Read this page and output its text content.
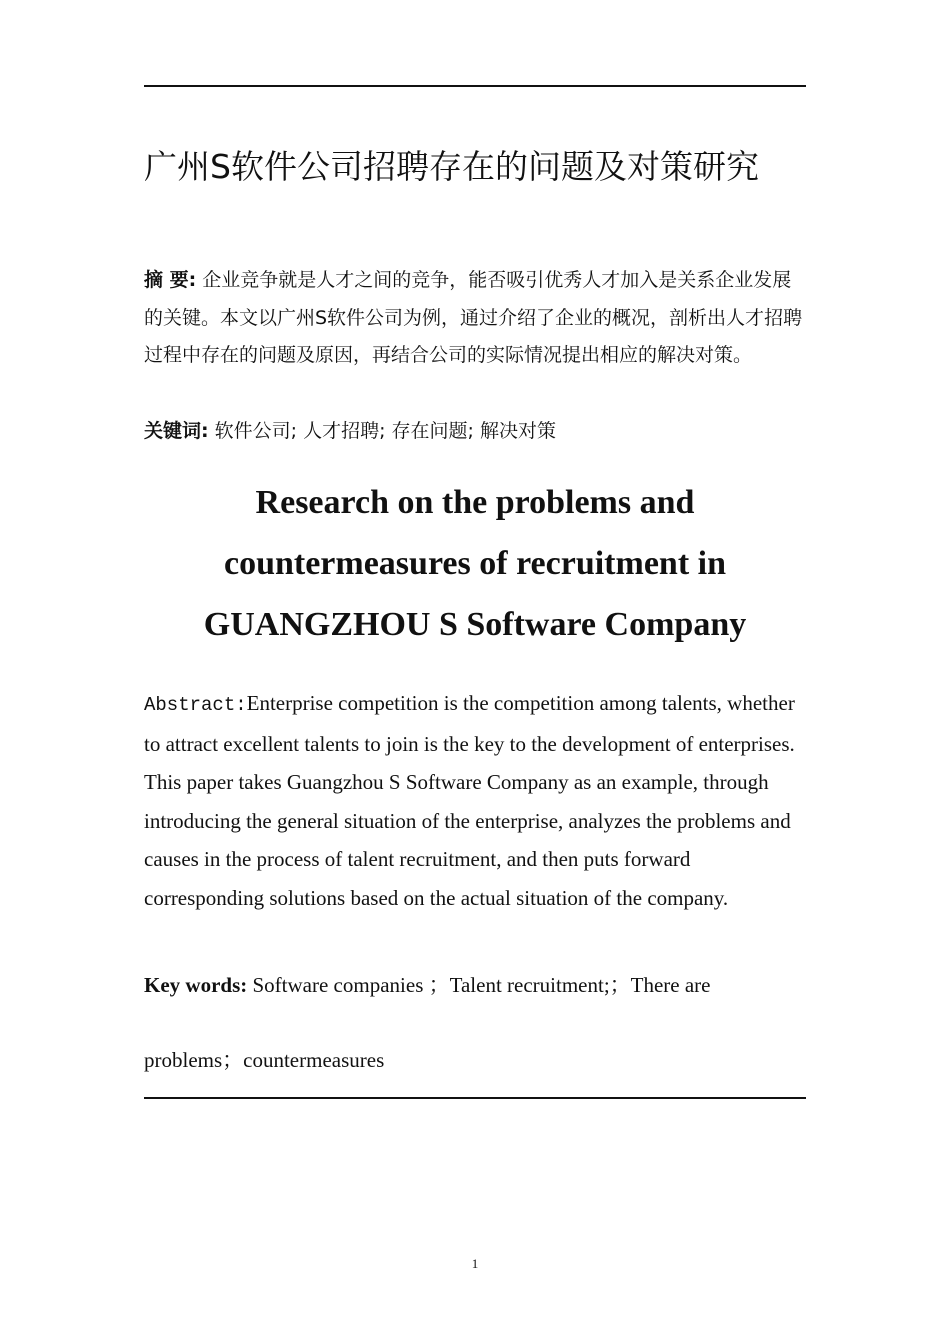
广州S软件公司招聘存在的问题及对策研究

摘 要: 企业竞争就是人才之间的竞争，能否吸引优秀人才加入是关系企业发展的关键。本文以广州S软件公司为例，通过介绍了企业的概况，剖析出人才招聘过程中存在的问题及原因，再结合公司的实际情况提出相应的解决对策。

关键词: 软件公司; 人才招聘; 存在问题; 解决对策

Research on the problems and
countermeasures of recruitment in
GUANGZHOU S Software Company

Abstract:Enterprise competition is the competition among talents, whether to attract excellent talents to join is the key to the development of enterprises. This paper takes Guangzhou S Software Company as an example, through introducing the general situation of the enterprise, analyzes the problems and causes in the process of talent recruitment, and then puts forward corresponding solutions based on the actual situation of the company.

Key words: Software companies ；Talent recruitment;；There are
problems；countermeasures

1
